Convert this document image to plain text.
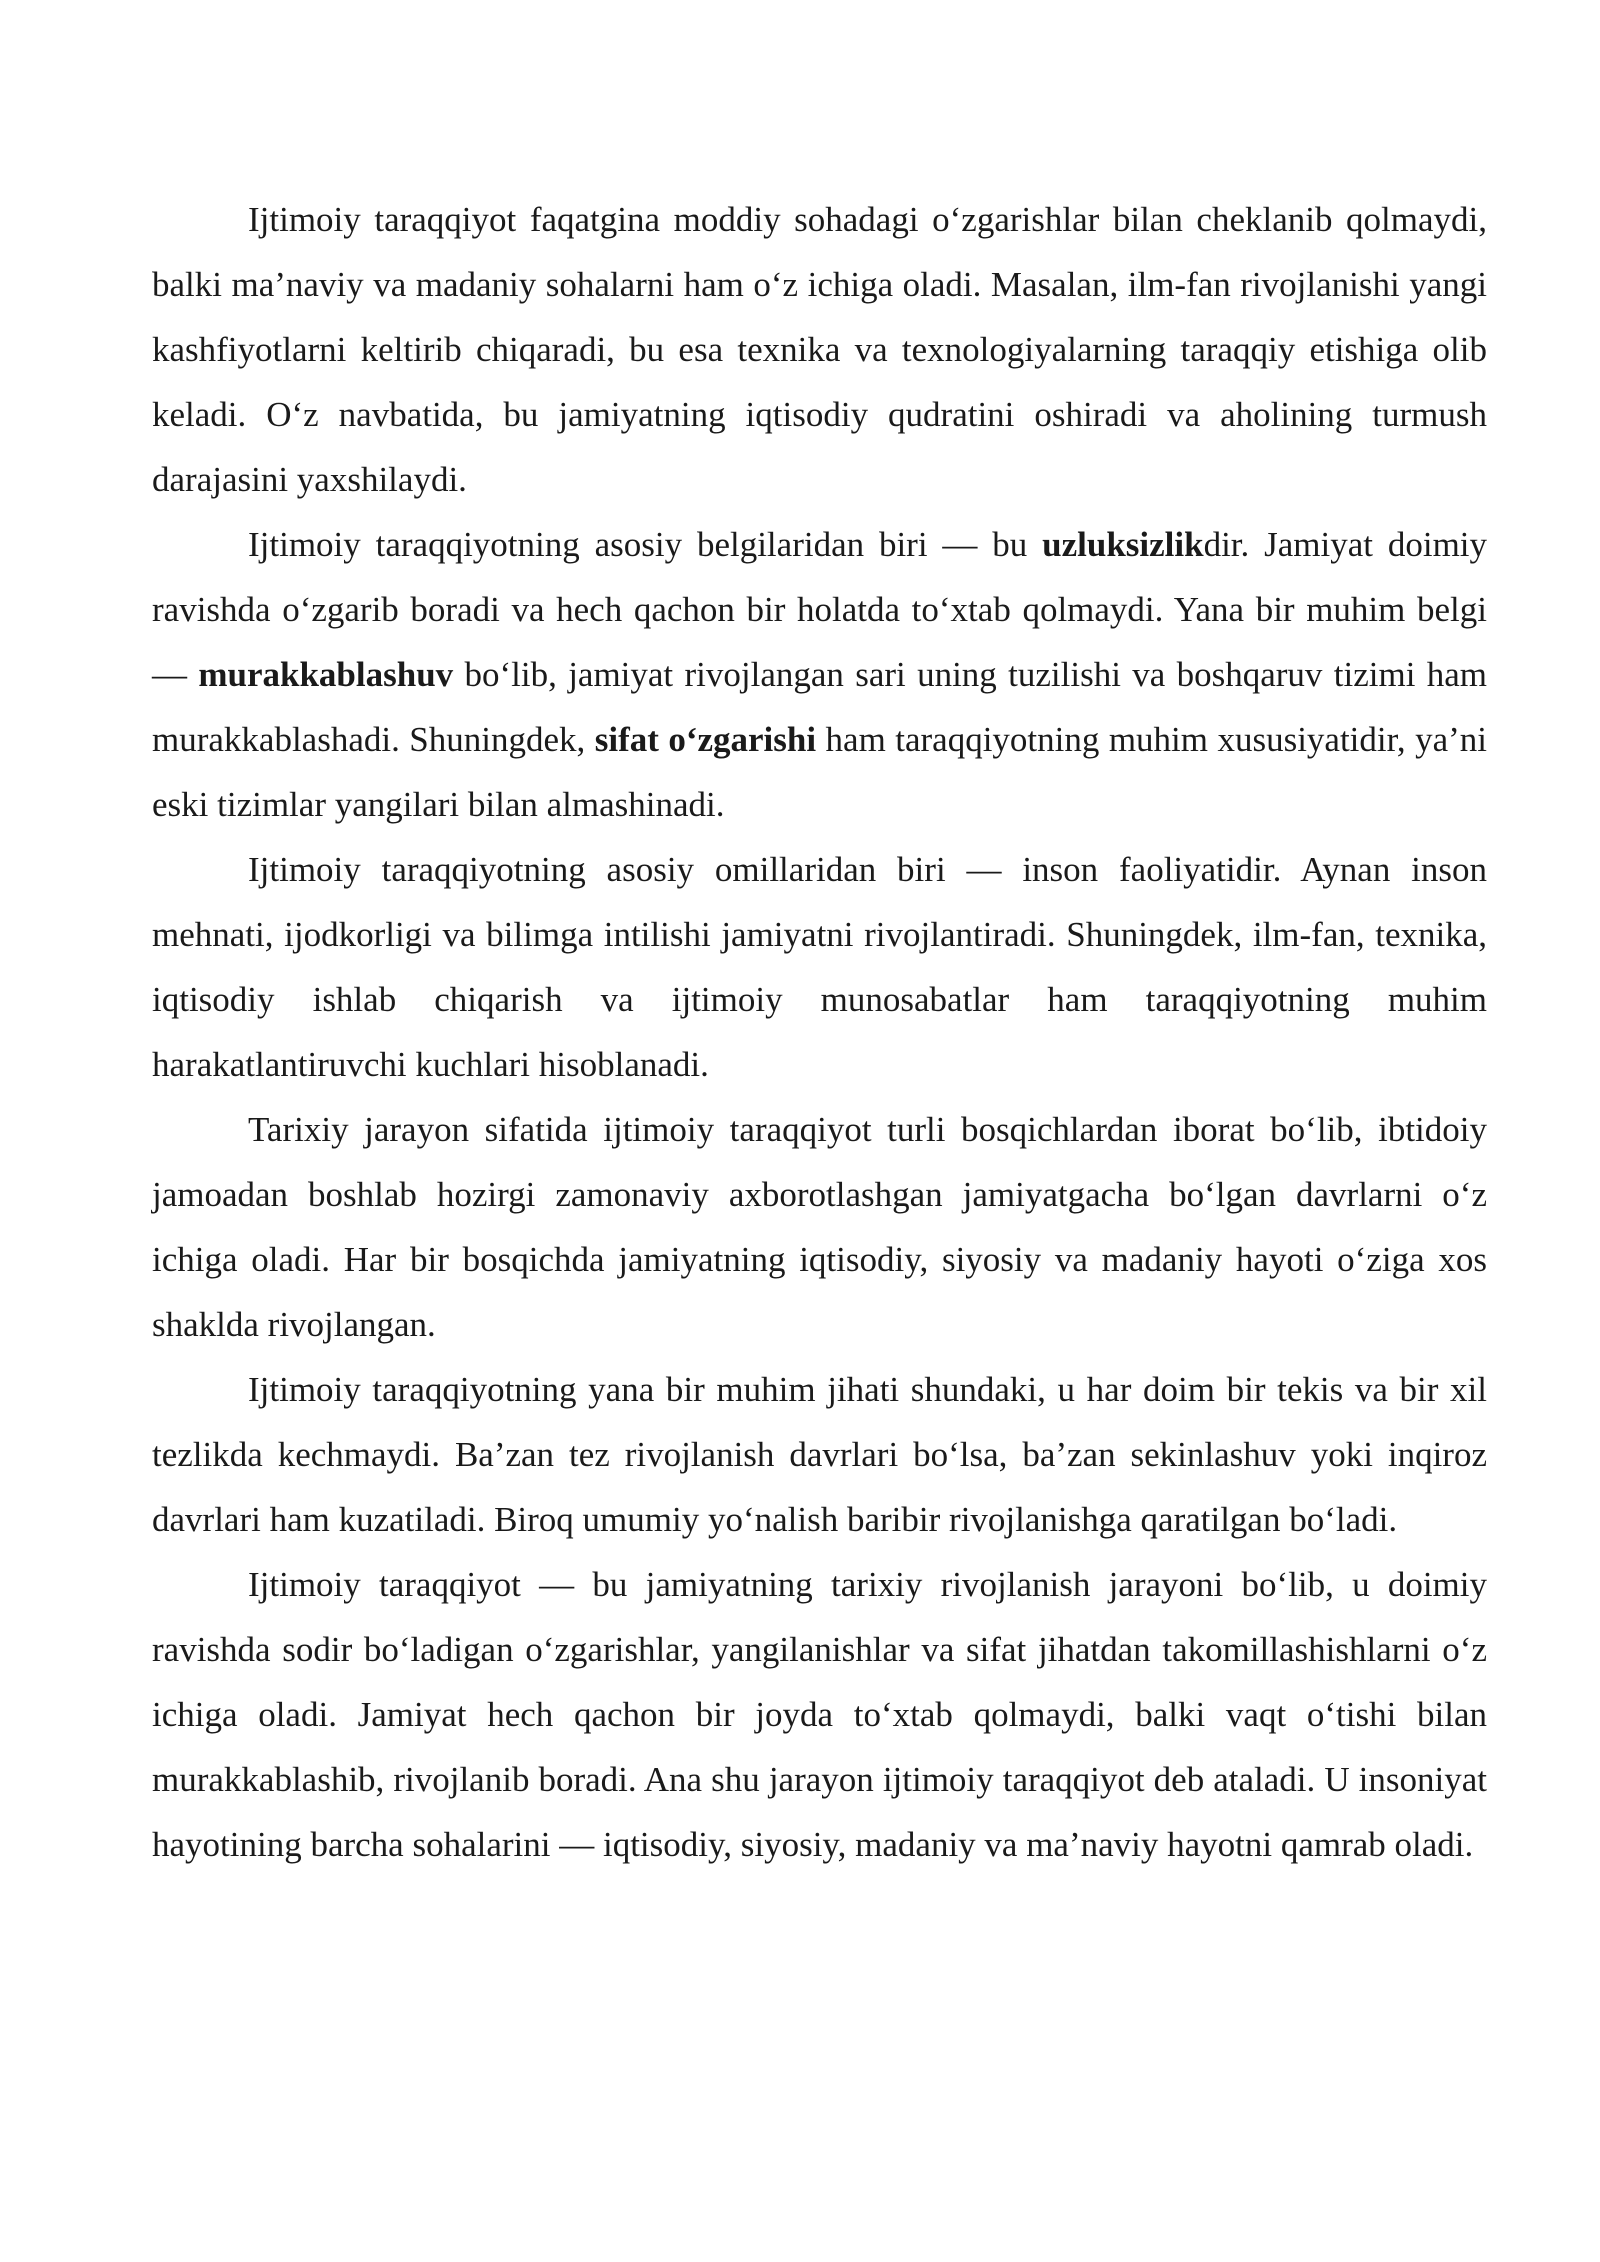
Ijtimoiy taraqqiyot faqatgina moddiy sohadagi o‘zgarishlar bilan cheklanib qolmaydi, balki ma’naviy va madaniy sohalarni ham o‘z ichiga oladi. Masalan, ilm-fan rivojlanishi yangi kashfiyotlarni keltirib chiqaradi, bu esa texnika va texnologiyalarning taraqqiy etishiga olib keladi. O‘z navbatida, bu jamiyatning iqtisodiy qudratini oshiradi va aholining turmush darajasini yaxshilaydi.

Ijtimoiy taraqqiyotning asosiy belgilaridan biri — bu uzluksizlikdir. Jamiyat doimiy ravishda o‘zgarib boradi va hech qachon bir holatda to‘xtab qolmaydi. Yana bir muhim belgi — murakkablashuv bo‘lib, jamiyat rivojlangan sari uning tuzilishi va boshqaruv tizimi ham murakkablashadi. Shuningdek, sifat o‘zgarishi ham taraqqiyotning muhim xususiyatidir, ya’ni eski tizimlar yangilari bilan almashinadi.

Ijtimoiy taraqqiyotning asosiy omillaridan biri — inson faoliyatidir. Aynan inson mehnati, ijodkorligi va bilimga intilishi jamiyatni rivojlantiradi. Shuningdek, ilm-fan, texnika, iqtisodiy ishlab chiqarish va ijtimoiy munosabatlar ham taraqqiyotning muhim harakatlantiruvchi kuchlari hisoblanadi.

Tarixiy jarayon sifatida ijtimoiy taraqqiyot turli bosqichlardan iborat bo‘lib, ibtidoiy jamoadan boshlab hozirgi zamonaviy axborotlashgan jamiyatgacha bo‘lgan davrlarni o‘z ichiga oladi. Har bir bosqichda jamiyatning iqtisodiy, siyosiy va madaniy hayoti o‘ziga xos shaklda rivojlangan.

Ijtimoiy taraqqiyotning yana bir muhim jihati shundaki, u har doim bir tekis va bir xil tezlikda kechmaydi. Ba’zan tez rivojlanish davrlari bo‘lsa, ba’zan sekinlashuv yoki inqiroz davrlari ham kuzatiladi. Biroq umumiy yo‘nalish baribir rivojlanishga qaratilgan bo‘ladi.

Ijtimoiy taraqqiyot — bu jamiyatning tarixiy rivojlanish jarayoni bo‘lib, u doimiy ravishda sodir bo‘ladigan o‘zgarishlar, yangilanishlar va sifat jihatdan takomillashishlarni o‘z ichiga oladi. Jamiyat hech qachon bir joyda to‘xtab qolmaydi, balki vaqt o‘tishi bilan murakkablashib, rivojlanib boradi. Ana shu jarayon ijtimoiy taraqqiyot deb ataladi. U insoniyat hayotining barcha sohalarini — iqtisodiy, siyosiy, madaniy va ma’naviy hayotni qamrab oladi.
